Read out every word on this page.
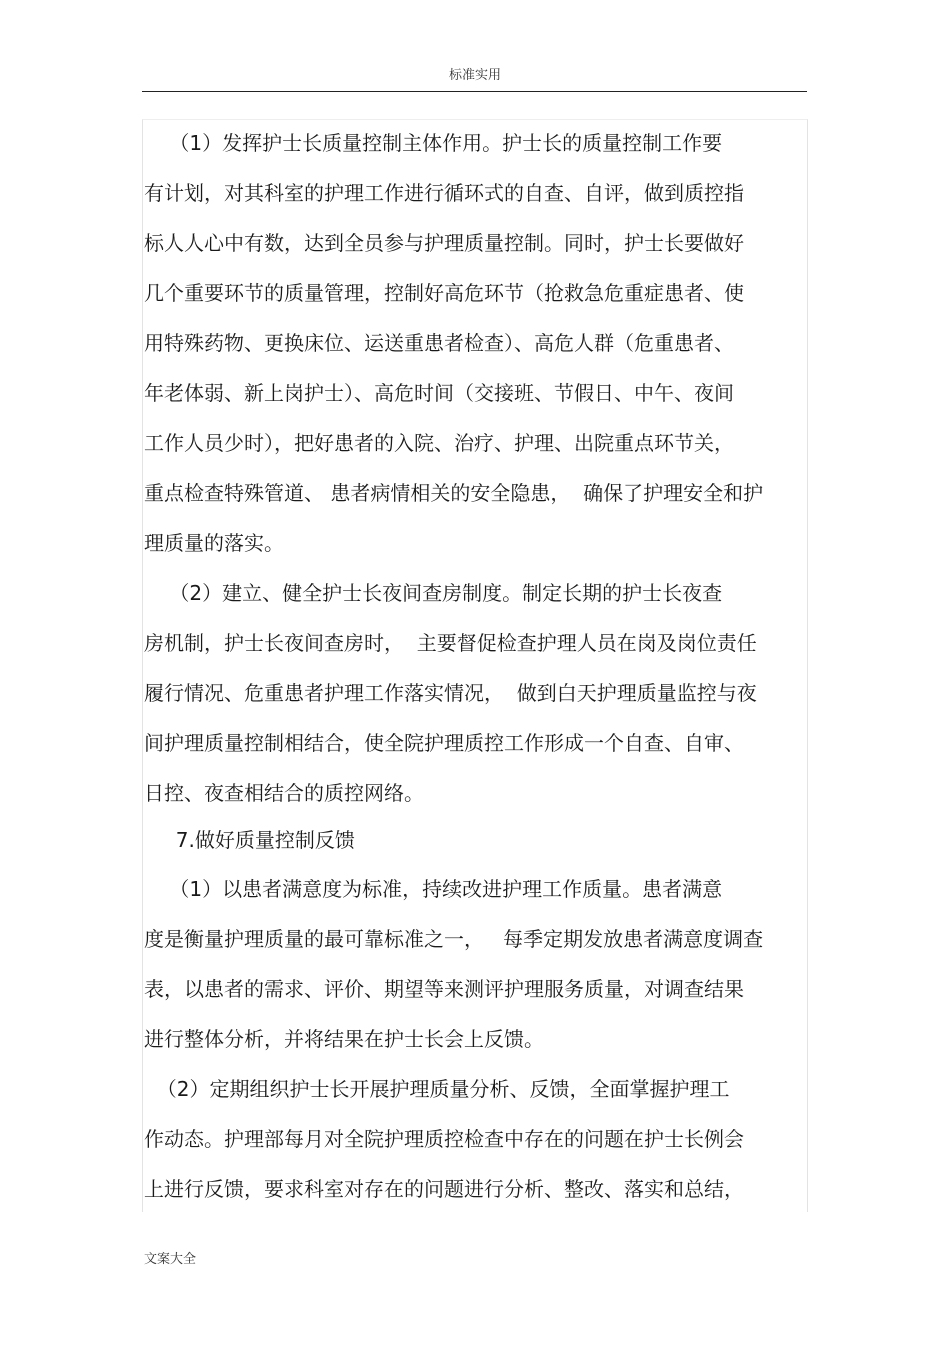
标准实用
（1）发挥护士长质量控制主体作用。护士长的质量控制工作要
有计划，对其科室的护理工作进行循环式的自查、自评，做到质控指
标人人心中有数，达到全员参与护理质量控制。同时，护士长要做好
几个重要环节的质量管理，控制好高危环节（抢救急危重症患者、使
用特殊药物、更换床位、运送重患者检查）、高危人群（危重患者、
年老体弱、新上岗护士）、高危时间（交接班、节假日、中午、夜间
工作人员少时），把好患者的入院、治疗、护理、出院重点环节关，
重点检查特殊管道、 患者病情相关的安全隐患，  确保了护理安全和护
理质量的落实。
（2）建立、健全护士长夜间查房制度。制定长期的护士长夜查
房机制，护士长夜间查房时，  主要督促检查护理人员在岗及岗位责任
履行情况、危重患者护理工作落实情况，  做到白天护理质量监控与夜
间护理质量控制相结合，使全院护理质控工作形成一个自查、自审、
日控、夜查相结合的质控网络。
7.做好质量控制反馈
（1）以患者满意度为标准，持续改进护理工作质量。患者满意
度是衡量护理质量的最可靠标准之一，   每季定期发放患者满意度调查
表，以患者的需求、评价、期望等来测评护理服务质量，对调查结果
进行整体分析，并将结果在护士长会上反馈。
（2）定期组织护士长开展护理质量分析、反馈，全面掌握护理工
作动态。护理部每月对全院护理质控检查中存在的问题在护士长例会
上进行反馈，要求科室对存在的问题进行分析、整改、落实和总结，
文案大全
